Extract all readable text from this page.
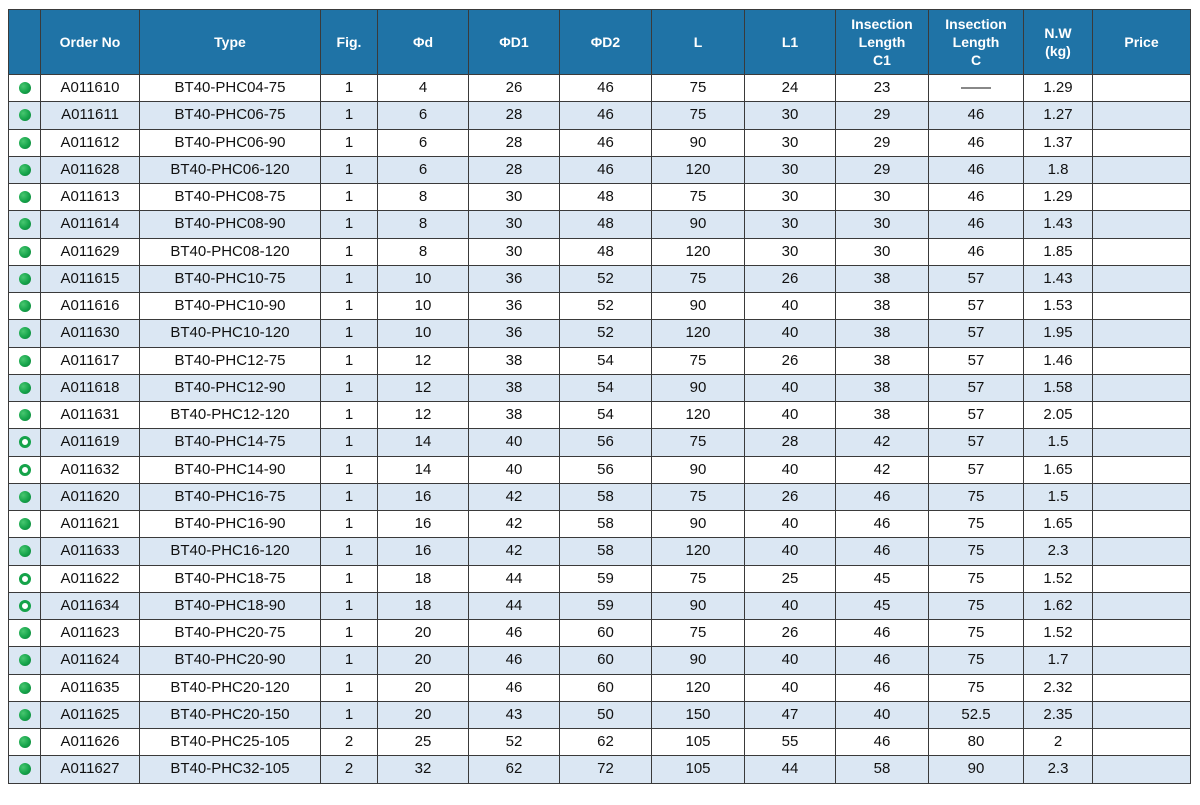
	Order No	Type	Fig.	Φd	ΦD1	ΦD2	L	L1	Insection
Length
C1	Insection
Length
C	N.W
(kg)	Price
	A011610	BT40-PHC04-75	1	4	26	46	75	24	23	——	1.29	
	A011611	BT40-PHC06-75	1	6	28	46	75	30	29	46	1.27	
	A011612	BT40-PHC06-90	1	6	28	46	90	30	29	46	1.37	
	A011628	BT40-PHC06-120	1	6	28	46	120	30	29	46	1.8	
	A011613	BT40-PHC08-75	1	8	30	48	75	30	30	46	1.29	
	A011614	BT40-PHC08-90	1	8	30	48	90	30	30	46	1.43	
	A011629	BT40-PHC08-120	1	8	30	48	120	30	30	46	1.85	
	A011615	BT40-PHC10-75	1	10	36	52	75	26	38	57	1.43	
	A011616	BT40-PHC10-90	1	10	36	52	90	40	38	57	1.53	
	A011630	BT40-PHC10-120	1	10	36	52	120	40	38	57	1.95	
	A011617	BT40-PHC12-75	1	12	38	54	75	26	38	57	1.46	
	A011618	BT40-PHC12-90	1	12	38	54	90	40	38	57	1.58	
	A011631	BT40-PHC12-120	1	12	38	54	120	40	38	57	2.05	
	A011619	BT40-PHC14-75	1	14	40	56	75	28	42	57	1.5	
	A011632	BT40-PHC14-90	1	14	40	56	90	40	42	57	1.65	
	A011620	BT40-PHC16-75	1	16	42	58	75	26	46	75	1.5	
	A011621	BT40-PHC16-90	1	16	42	58	90	40	46	75	1.65	
	A011633	BT40-PHC16-120	1	16	42	58	120	40	46	75	2.3	
	A011622	BT40-PHC18-75	1	18	44	59	75	25	45	75	1.52	
	A011634	BT40-PHC18-90	1	18	44	59	90	40	45	75	1.62	
	A011623	BT40-PHC20-75	1	20	46	60	75	26	46	75	1.52	
	A011624	BT40-PHC20-90	1	20	46	60	90	40	46	75	1.7	
	A011635	BT40-PHC20-120	1	20	46	60	120	40	46	75	2.32	
	A011625	BT40-PHC20-150	1	20	43	50	150	47	40	52.5	2.35	
	A011626	BT40-PHC25-105	2	25	52	62	105	55	46	80	2	
	A011627	BT40-PHC32-105	2	32	62	72	105	44	58	90	2.3	
